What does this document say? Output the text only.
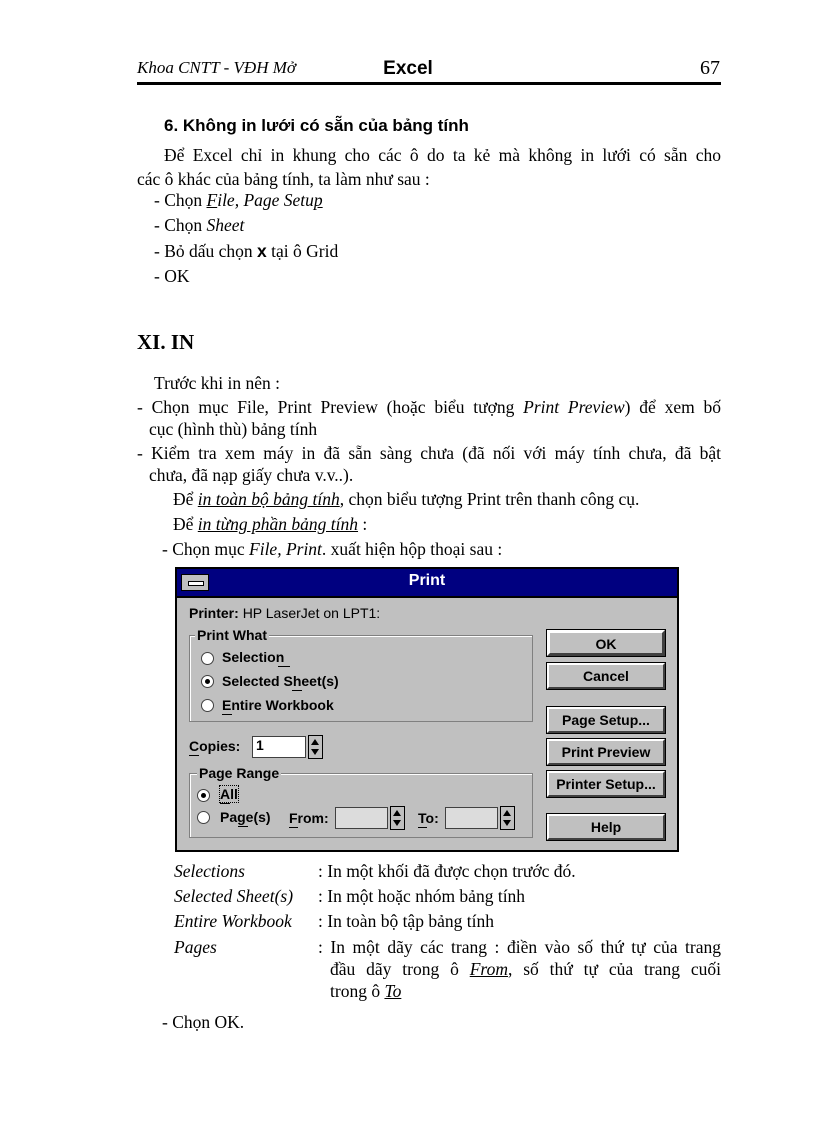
Khoa CNTT - VĐH Mở	Excel	67
6. Không in lưới có sẵn của bảng tính
Để Excel chỉ in khung cho các ô do ta kẻ mà không in lưới có sẵn cho
các ô khác của bảng tính, ta làm như sau :
- Chọn File, Page Setup
- Chọn Sheet
- Bỏ dấu chọn x tại ô Grid
- OK
XI. IN
Trước khi in nên :
- Chọn mục File, Print Preview (hoặc biểu tượng Print Preview) để xem bố
cục (hình thù) bảng tính
- Kiểm tra xem máy in đã sẵn sàng chưa (đã nối với máy tính chưa, đã bật
chưa, đã nạp giấy chưa v.v..).
Để in toàn bộ bảng tính, chọn biểu tượng Print trên thanh công cụ.
Để in từng phần bảng tính :
- Chọn mục File, Print. xuất hiện hộp thoại sau :
Print
Printer: HP LaserJet on LPT1:
Print What
Selection
Selected Sheet(s)
Entire Workbook
Copies: 1
Page Range
All
Page(s) From:	To:
OK
Cancel
Page Setup...
Print Preview
Printer Setup...
Help
Selections	: In một khối đã được chọn trước đó.
Selected Sheet(s) : In một hoặc nhóm bảng tính
Entire Workbook : In toàn bộ tập bảng tính
Pages	: In một dãy các trang : điền vào số thứ tự của trang
đầu dãy trong ô From, số thứ tự của trang cuối
trong ô To
- Chọn OK.
